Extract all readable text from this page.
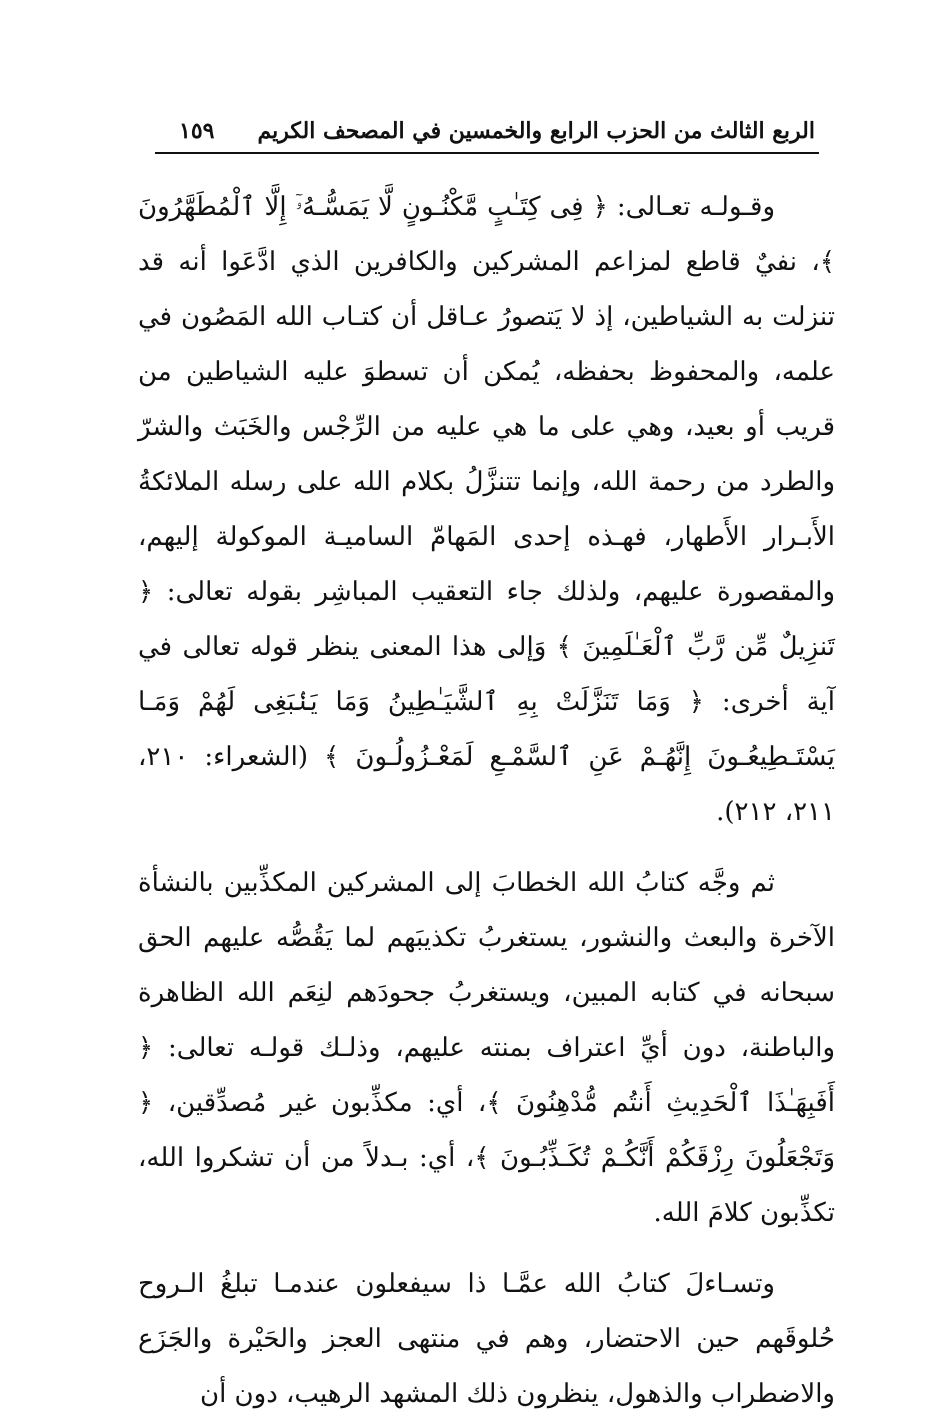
الربع الثالث من الحزب الرابع والخمسين في المصحف الكريم
١٥٩

وقـولـه تعـالى: ﴿ فِى كِتَـٰبٍ مَّكْنُـونٍ لَّا يَمَسُّـهُۥٓ إِلَّا ٱلْمُطَهَّرُونَ ﴾، نفيٌ قاطع لمزاعم المشركين والكافرين الذي ادَّعَوا أنه قد تنزلت به الشياطين، إذ لا يَتصورُ عـاقل أن كتـاب الله المَصُون في علمه، والمحفوظ بحفظه، يُمكن أن تسطوَ عليه الشياطين من قريب أو بعيد، وهي على ما هي عليه من الرِّجْس والخَبَث والشرّ والطرد من رحمة الله، وإنما تتنزَّلُ بكلام الله على رسله الملائكةُ الأَبـرار الأَطهار، فهـذه إحدى المَهامّ الساميـة الموكولة إليهم، والمقصورة عليهم، ولذلك جاء التعقيب المباشِر بقوله تعالى: ﴿ تَنزِيلٌ مِّن رَّبِّ ٱلْعَـٰلَمِينَ ﴾ وَإلى هذا المعنى ينظر قوله تعالى في آية أخرى: ﴿ وَمَا تَنَزَّلَتْ بِهِ ٱلشَّيَـٰطِينُ وَمَا يَنۢبَغِى لَهُمْ وَمَـا يَسْتَـطِيعُـونَ إِنَّهُـمْ عَنِ ٱلسَّمْـعِ لَمَعْـزُولُـونَ ﴾ (الشعراء: ٢١٠، ٢١١، ٢١٢).

ثم وجَّه كتابُ الله الخطابَ إلى المشركين المكذِّبين بالنشأة الآخرة والبعث والنشور، يستغربُ تكذيبَهم لما يَقُصُّه عليهم الحق سبحانه في كتابه المبين، ويستغربُ جحودَهم لنِعَم الله الظاهرة والباطنة، دون أيِّ اعتراف بمنته عليهم، وذلـك قولـه تعالى: ﴿ أَفَبِهَـٰذَا ٱلْحَدِيثِ أَنتُم مُّدْهِنُونَ ﴾، أي: مكذِّبون غير مُصدِّقين، ﴿ وَتَجْعَلُونَ رِزْقَكُمْ أَنَّكُـمْ تُكَـذِّبُـونَ ﴾، أي: بـدلاً من أن تشكروا الله، تكذِّبون كلامَ الله.

وتسـاءلَ كتابُ الله عمَّـا ذا سيفعلون عندمـا تبلغُ الـروح حُلوقَهم حين الاحتضار، وهم في منتهى العجز والحَيْرة والجَزَع والاضطراب والذهول، ينظرون ذلك المشهد الرهيب، دون أن
